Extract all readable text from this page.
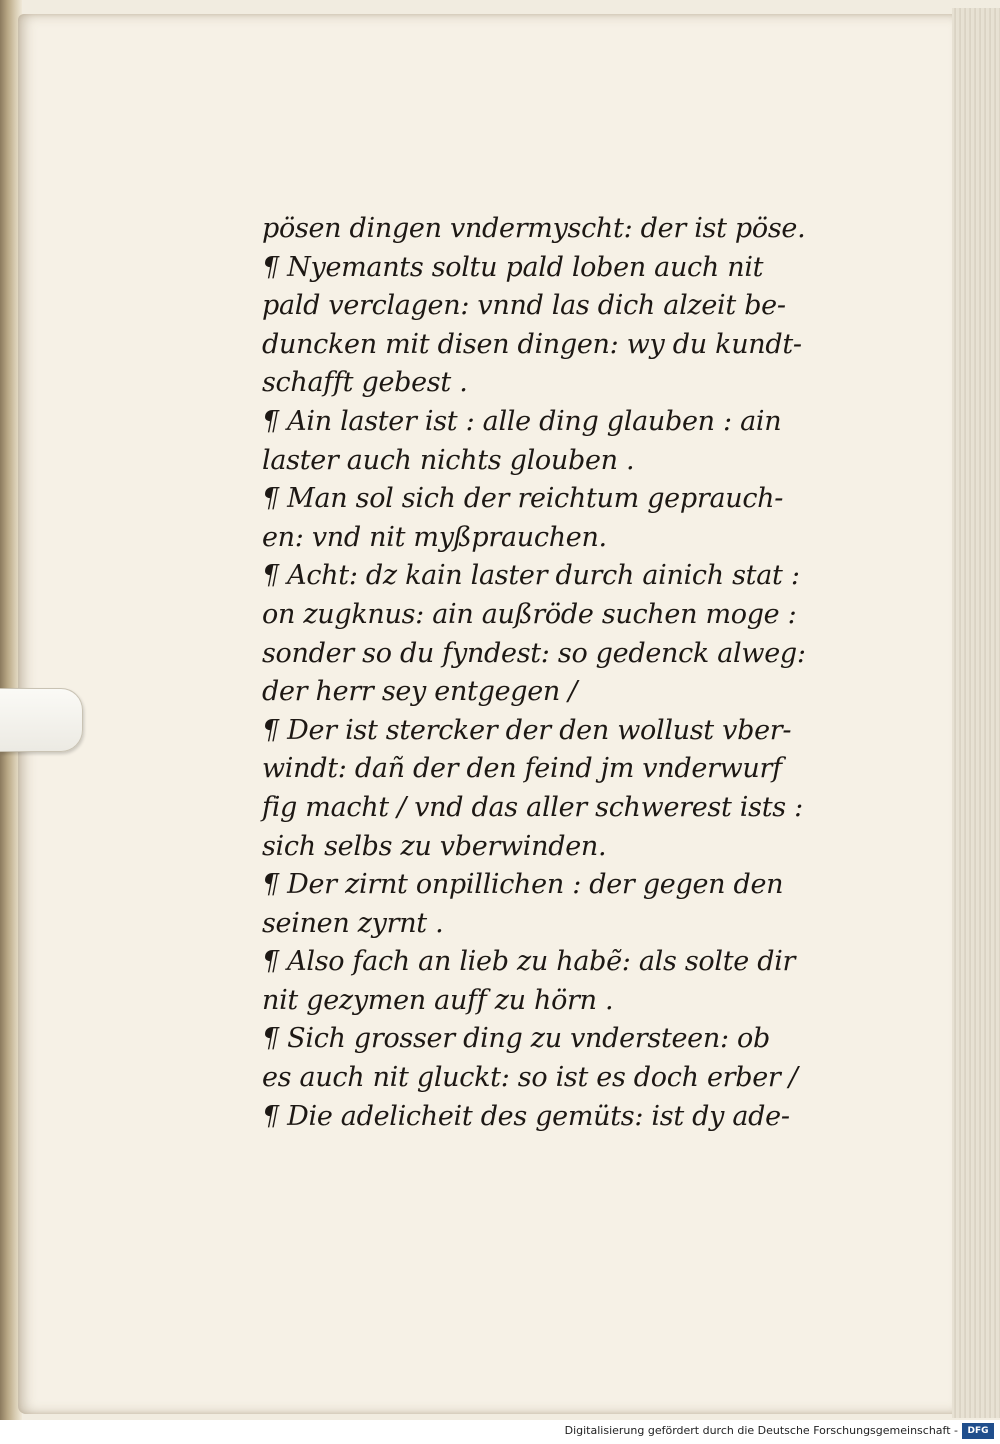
pösen dingen vndermyscht: der ist pöse.
¶ Nyemants soltu pald loben auch nit
pald verclagen: vnnd las dich alzeit be-
duncken mit disen dingen: wy du kundt-
schafft gebest .
¶ Ain laster ist : alle ding glauben : ain
laster auch nichts glouben .
¶ Man sol sich der reichtum geprauch-
en: vnd nit myßprauchen.
¶ Acht: dz kain laster durch ainich stat :
on zugknus: ain außröde suchen moge :
sonder so du fyndest: so gedenck alweg:
der herr sey entgegen /
¶ Der ist stercker der den wollust vber-
windt: dañ der den feind jm vnderwurf
fig macht / vnd das aller schwerest ists :
sich selbs zu vberwinden.
¶ Der zirnt onpillichen : der gegen den
seinen zyrnt .
¶ Also fach an lieb zu habẽ: als solte dir
nit gezymen auff zu hörn .
¶ Sich grosser ding zu vndersteen: ob
es auch nit gluckt: so ist es doch erber /
¶ Die adelicheit des gemüts: ist dy ade-
Digitalisierung gefördert durch die Deutsche Forschungsgemeinschaft -	DFG
